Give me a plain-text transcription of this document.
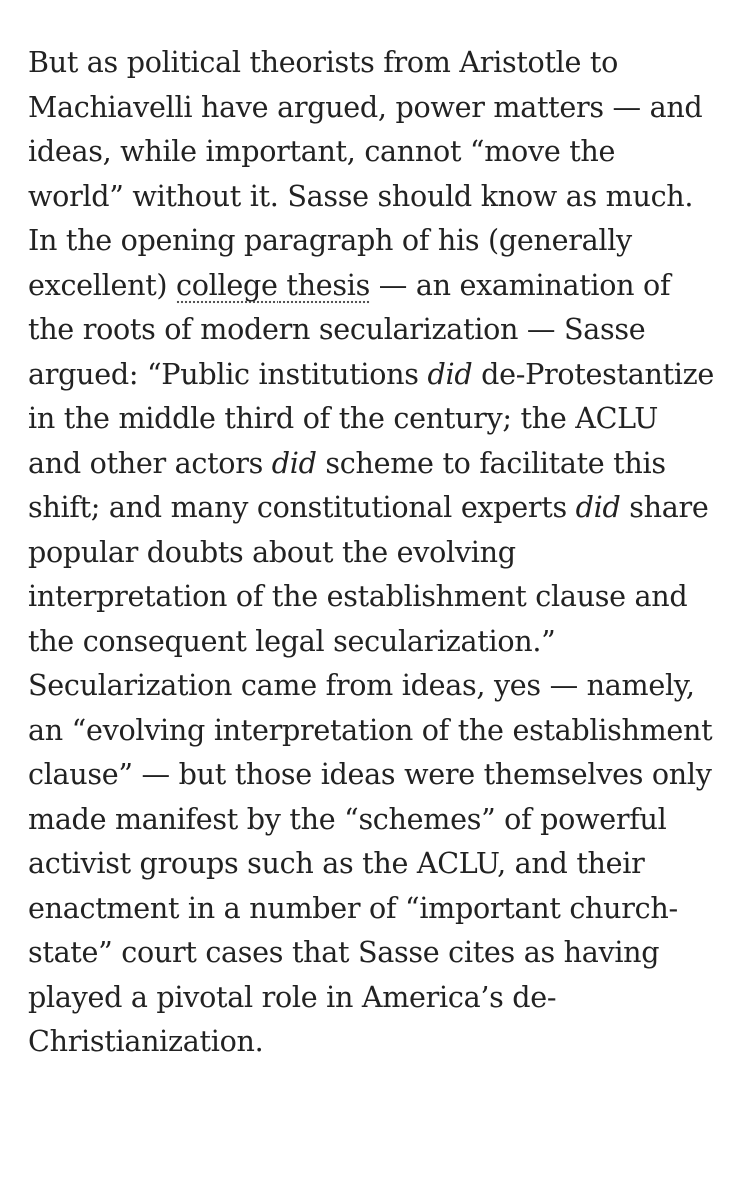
But as political theorists from Aristotle to
Machiavelli have argued, power matters — and
ideas, while important, cannot “move the
world” without it. Sasse should know as much.
In the opening paragraph of his (generally
excellent) college thesis — an examination of
the roots of modern secularization — Sasse
argued: “Public institutions did de-Protestantize
in the middle third of the century; the ACLU
and other actors did scheme to facilitate this
shift; and many constitutional experts did share
popular doubts about the evolving
interpretation of the establishment clause and
the consequent legal secularization.”
Secularization came from ideas, yes — namely,
an “evolving interpretation of the establishment
clause” — but those ideas were themselves only
made manifest by the “schemes” of powerful
activist groups such as the ACLU, and their
enactment in a number of “important church-
state” court cases that Sasse cites as having
played a pivotal role in America’s de-
Christianization.
